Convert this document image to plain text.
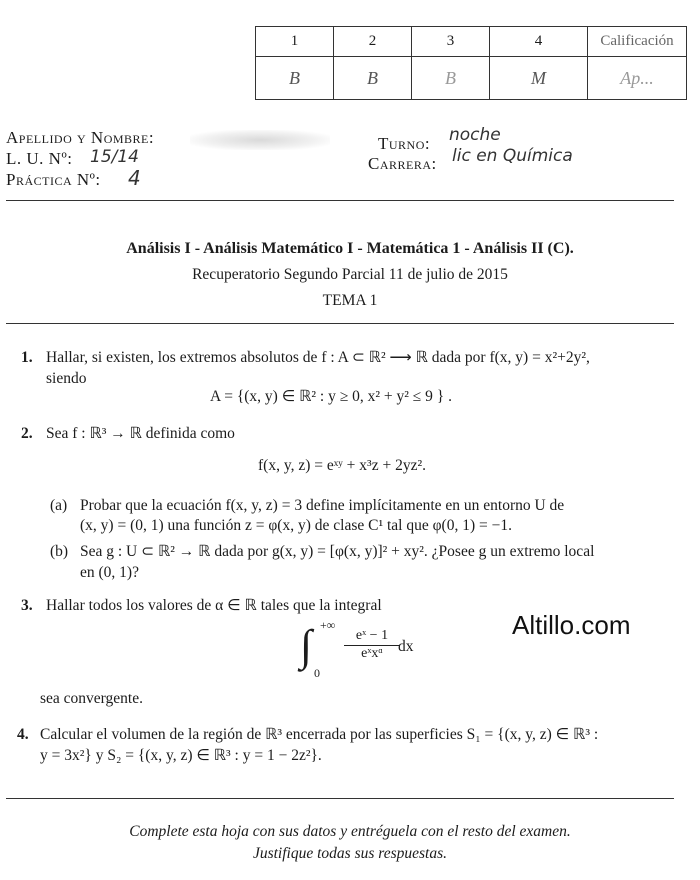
1	2	3	4	Calificación
B	B	B	M	Ap...
Apellido y Nombre:
L. U. Nº: 15/14
Práctica Nº: 4
Turno: noche
Carrera: lic en Química
Análisis I - Análisis Matemático I - Matemática 1 - Análisis II (C).
Recuperatorio Segundo Parcial 11 de julio de 2015
TEMA 1
1. Hallar, si existen, los extremos absolutos de f : A ⊂ ℝ² ⟶ ℝ dada por f(x, y) = x²+2y²,
siendo
A = {(x, y) ∈ ℝ² : y ≥ 0, x² + y² ≤ 9 } .
2. Sea f : ℝ³ → ℝ definida como
f(x, y, z) = eˣʸ + x³z + 2yz².
(a) Probar que la ecuación f(x, y, z) = 3 define implícitamente en un entorno U de
(x, y) = (0, 1) una función z = φ(x, y) de clase C¹ tal que φ(0, 1) = −1.
(b) Sea g : U ⊂ ℝ² → ℝ dada por g(x, y) = [φ(x, y)]² + xy². ¿Posee g un extremo local
en (0, 1)?
3. Hallar todos los valores de α ∈ ℝ tales que la integral
Altillo.com
∫ +∞
0
eˣ − 1
eˣxᵅ dx
sea convergente.
4. Calcular el volumen de la región de ℝ³ encerrada por las superficies S₁ = {(x, y, z) ∈ ℝ³ :
y = 3x²} y S₂ = {(x, y, z) ∈ ℝ³ : y = 1 − 2z²}.
Complete esta hoja con sus datos y entréguela con el resto del examen.
Justifique todas sus respuestas.
